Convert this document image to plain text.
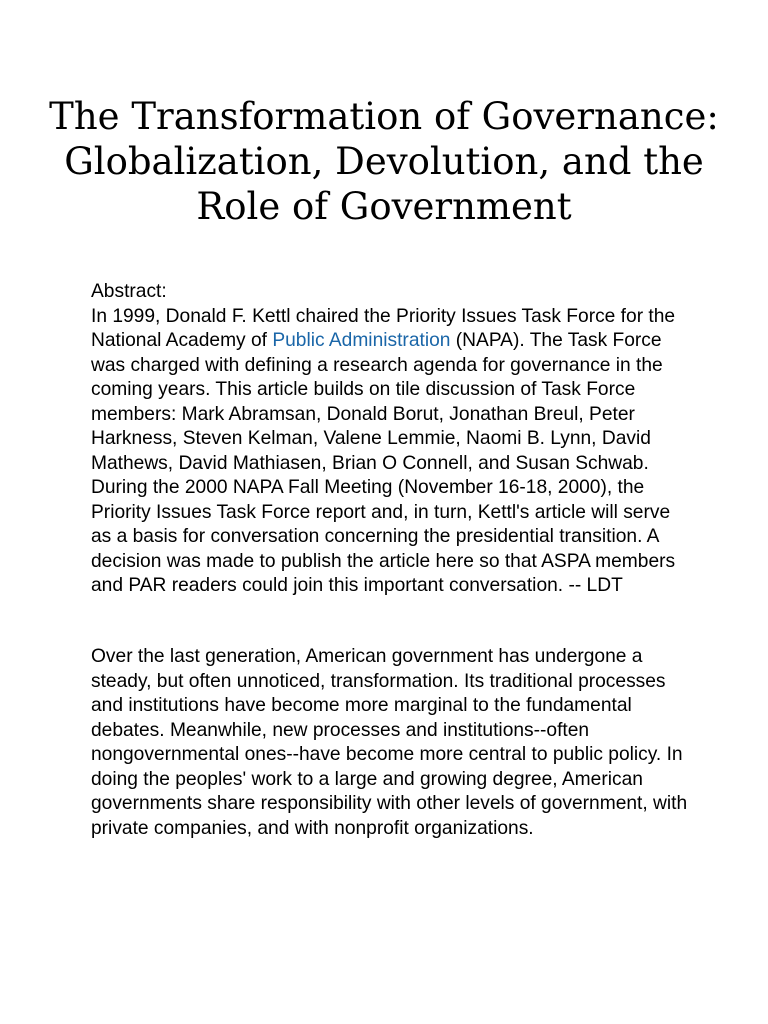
The Transformation of Governance: Globalization, Devolution, and the Role of Government

Abstract:
In 1999, Donald F. Kettl chaired the Priority Issues Task Force for the National Academy of Public Administration (NAPA). The Task Force was charged with defining a research agenda for governance in the coming years. This article builds on tile discussion of Task Force members: Mark Abramsan, Donald Borut, Jonathan Breul, Peter Harkness, Steven Kelman, Valene Lemmie, Naomi B. Lynn, David Mathews, David Mathiasen, Brian O Connell, and Susan Schwab. During the 2000 NAPA Fall Meeting (November 16-18, 2000), the Priority Issues Task Force report and, in turn, Kettl's article will serve as a basis for conversation concerning the presidential transition. A decision was made to publish the article here so that ASPA members and PAR readers could join this important conversation. -- LDT

Over the last generation, American government has undergone a steady, but often unnoticed, transformation. Its traditional processes and institutions have become more marginal to the fundamental debates. Meanwhile, new processes and institutions--often nongovernmental ones--have become more central to public policy. In doing the peoples' work to a large and growing degree, American governments share responsibility with other levels of government, with private companies, and with nonprofit organizations.
